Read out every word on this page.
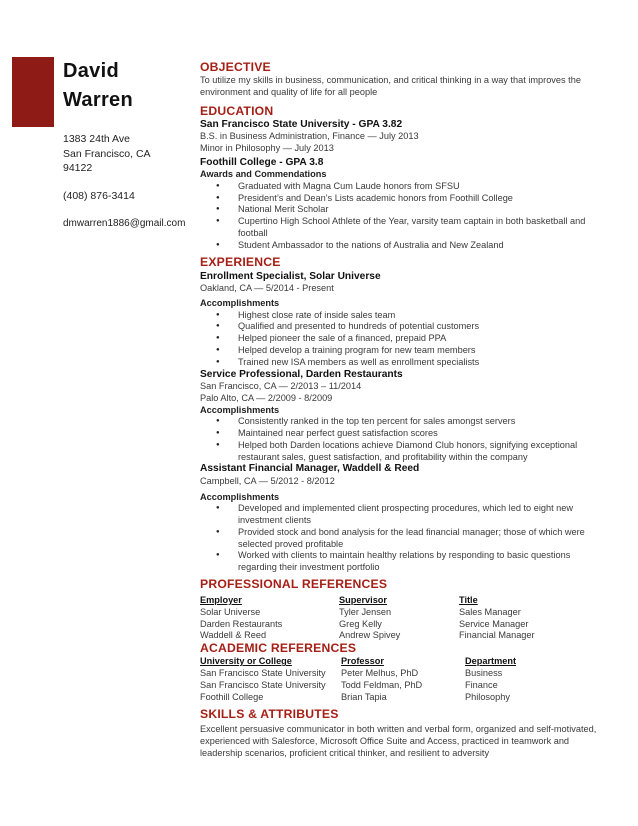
David
Warren
1383 24th Ave
San Francisco, CA
94122
(408) 876-3414
dmwarren1886@gmail.com
OBJECTIVE

To utilize my skills in business, communication, and critical thinking in a way that improves the environment and quality of life for all people

EDUCATION
San Francisco State University - GPA 3.82
B.S. in Business Administration, Finance — July 2013
Minor in Philosophy — July 2013
Foothill College - GPA 3.8
Awards and Commendations
● Graduated with Magna Cum Laude honors from SFSU
● President’s and Dean’s Lists academic honors from Foothill College
● National Merit Scholar
● Cupertino High School Athlete of the Year, varsity team captain in both basketball and football
● Student Ambassador to the nations of Australia and New Zealand
EXPERIENCE
Enrollment Specialist, Solar Universe
Oakland, CA — 5/2014 - Present
Accomplishments
● Highest close rate of inside sales team
● Qualified and presented to hundreds of potential customers
● Helped pioneer the sale of a financed, prepaid PPA
● Helped develop a training program for new team members
● Trained new ISA members as well as enrollment specialists
Service Professional, Darden Restaurants
San Francisco, CA — 2/2013 – 11/2014
Palo Alto, CA — 2/2009 - 8/2009
Accomplishments
● Consistently ranked in the top ten percent for sales amongst servers
● Maintained near perfect guest satisfaction scores
● Helped both Darden locations achieve Diamond Club honors, signifying exceptional restaurant sales, guest satisfaction, and profitability within the company
Assistant Financial Manager, Waddell & Reed
Campbell, CA — 5/2012 - 8/2012
Accomplishments
● Developed and implemented client prospecting procedures, which led to eight new investment clients
● Provided stock and bond analysis for the lead financial manager; those of which were selected proved profitable
● Worked with clients to maintain healthy relations by responding to basic questions regarding their investment portfolio
PROFESSIONAL REFERENCES
Employer	Supervisor	Title
Solar Universe	Tyler Jensen	Sales Manager
Darden Restaurants	Greg Kelly	Service Manager
Waddell & Reed	Andrew Spivey	Financial Manager
ACADEMIC REFERENCES
University or College	Professor	Department
San Francisco State University	Peter Melhus, PhD	Business
San Francisco State University	Todd Feldman, PhD	Finance
Foothill College	Brian Tapia	Philosophy
SKILLS & ATTRIBUTES

Excellent persuasive communicator in both written and verbal form, organized and self-motivated, experienced with Salesforce, Microsoft Office Suite and Access, practiced in teamwork and leadership scenarios, proficient critical thinker, and resilient to adversity
